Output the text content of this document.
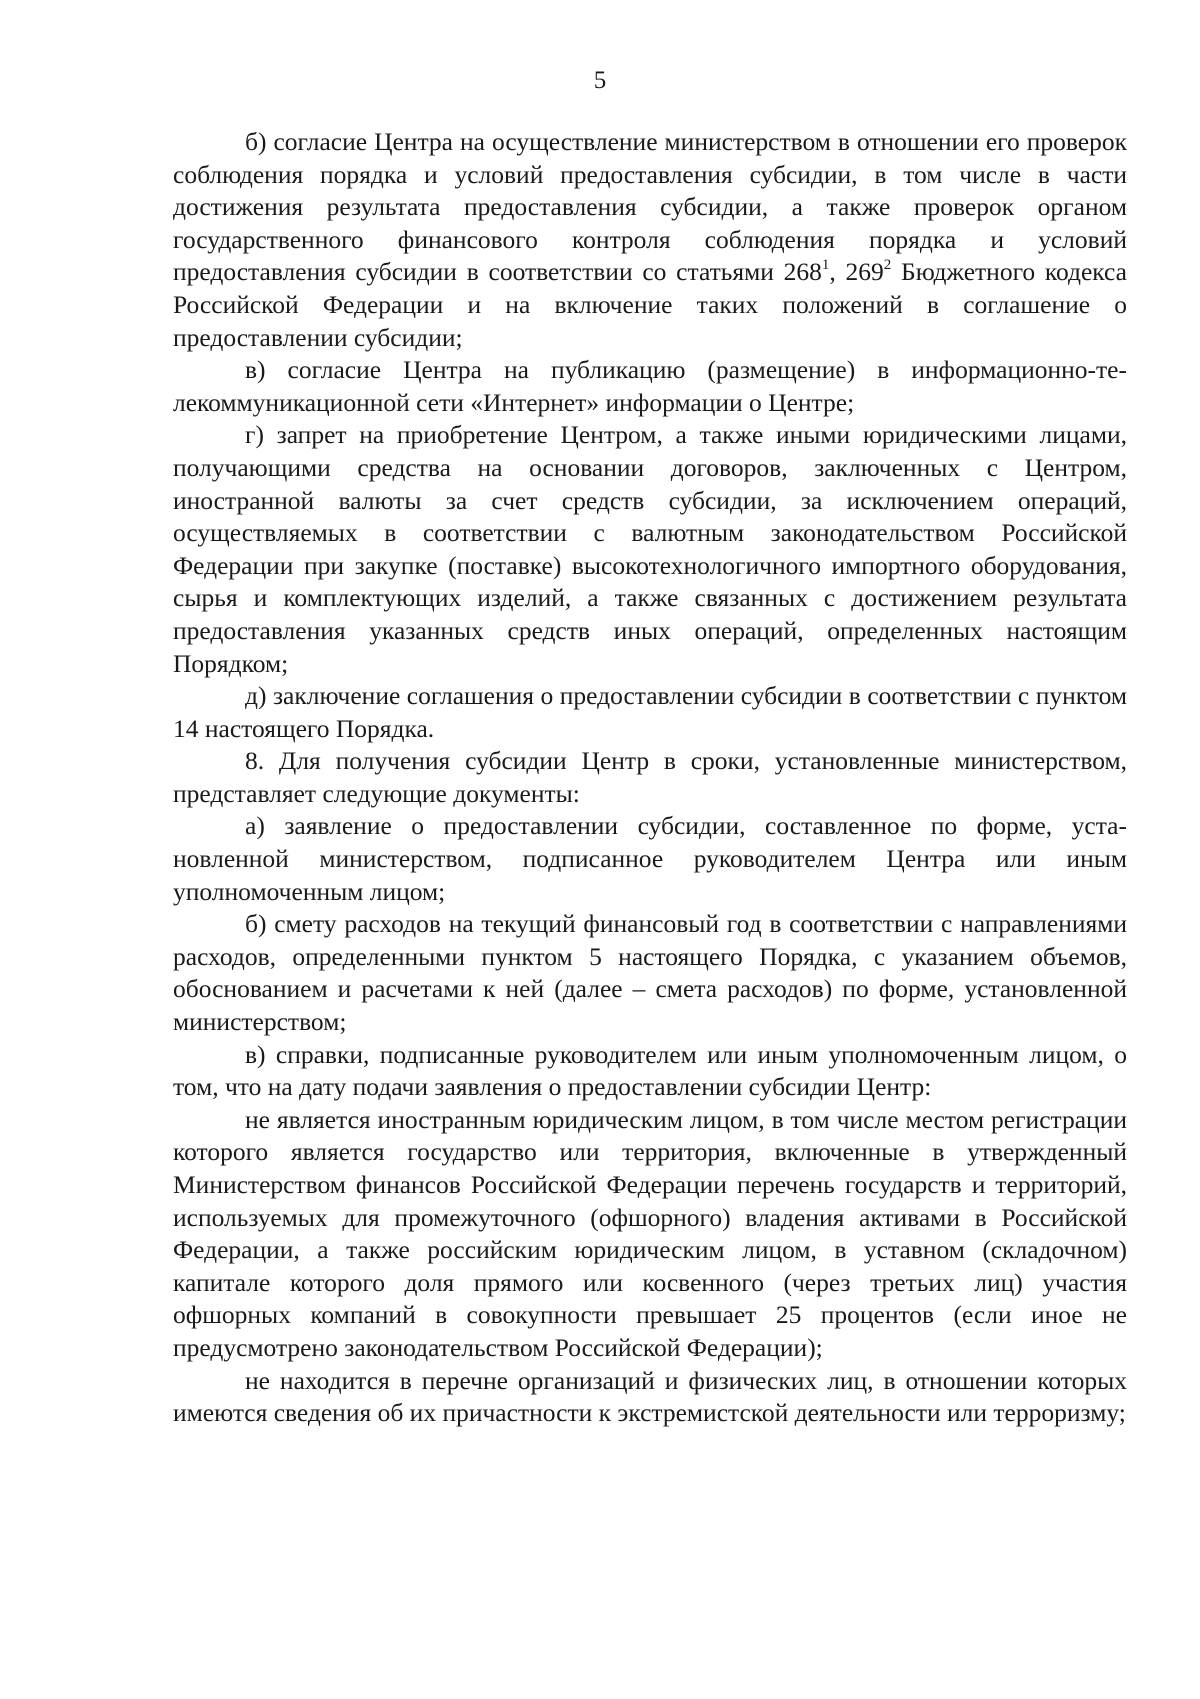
5

б) согласие Центра на осуществление министерством в отношении его проверок соблюдения порядка и условий предоставления субсидии, в том числе в части достижения результата предоставления субсидии, а также проверок органом государственного финансового контроля соблюдения порядка и условий предоставления субсидии в соответствии со статьями $268^1$, $269^2$ Бюджетного кодекса Российской Федерации и на включение таких положений в соглашение о предоставлении субсидии;

в) согласие Центра на публикацию (размещение) в информационно-телекоммуникационной сети «Интернет» информации о Центре;

г) запрет на приобретение Центром, а также иными юридическими лицами, получающими средства на основании договоров, заключенных с Центром, иностранной валюты за счет средств субсидии, за исключением операций, осуществляемых в соответствии с валютным законодательством Российской Федерации при закупке (поставке) высокотехнологичного импортного оборудования, сырья и комплектующих изделий, а также связанных с достижением результата предоставления указанных средств иных операций, определенных настоящим Порядком;

д) заключение соглашения о предоставлении субсидии в соответствии с пунктом 14 настоящего Порядка.

8. Для получения субсидии Центр в сроки, установленные министерством, представляет следующие документы:

а) заявление о предоставлении субсидии, составленное по форме, установленной министерством, подписанное руководителем Центра или иным уполномоченным лицом;

б) смету расходов на текущий финансовый год в соответствии с направлениями расходов, определенными пунктом 5 настоящего Порядка, с указанием объемов, обоснованием и расчетами к ней (далее – смета расходов) по форме, установленной министерством;

в) справки, подписанные руководителем или иным уполномоченным лицом, о том, что на дату подачи заявления о предоставлении субсидии Центр:

не является иностранным юридическим лицом, в том числе местом регистрации которого является государство или территория, включенные в утвержденный Министерством финансов Российской Федерации перечень государств и территорий, используемых для промежуточного (офшорного) владения активами в Российской Федерации, а также российским юридическим лицом, в уставном (складочном) капитале которого доля прямого или косвенного (через третьих лиц) участия офшорных компаний в совокупности превышает 25 процентов (если иное не предусмотрено законодательством Российской Федерации);

не находится в перечне организаций и физических лиц, в отношении которых имеются сведения об их причастности к экстремистской деятельности или терроризму;
